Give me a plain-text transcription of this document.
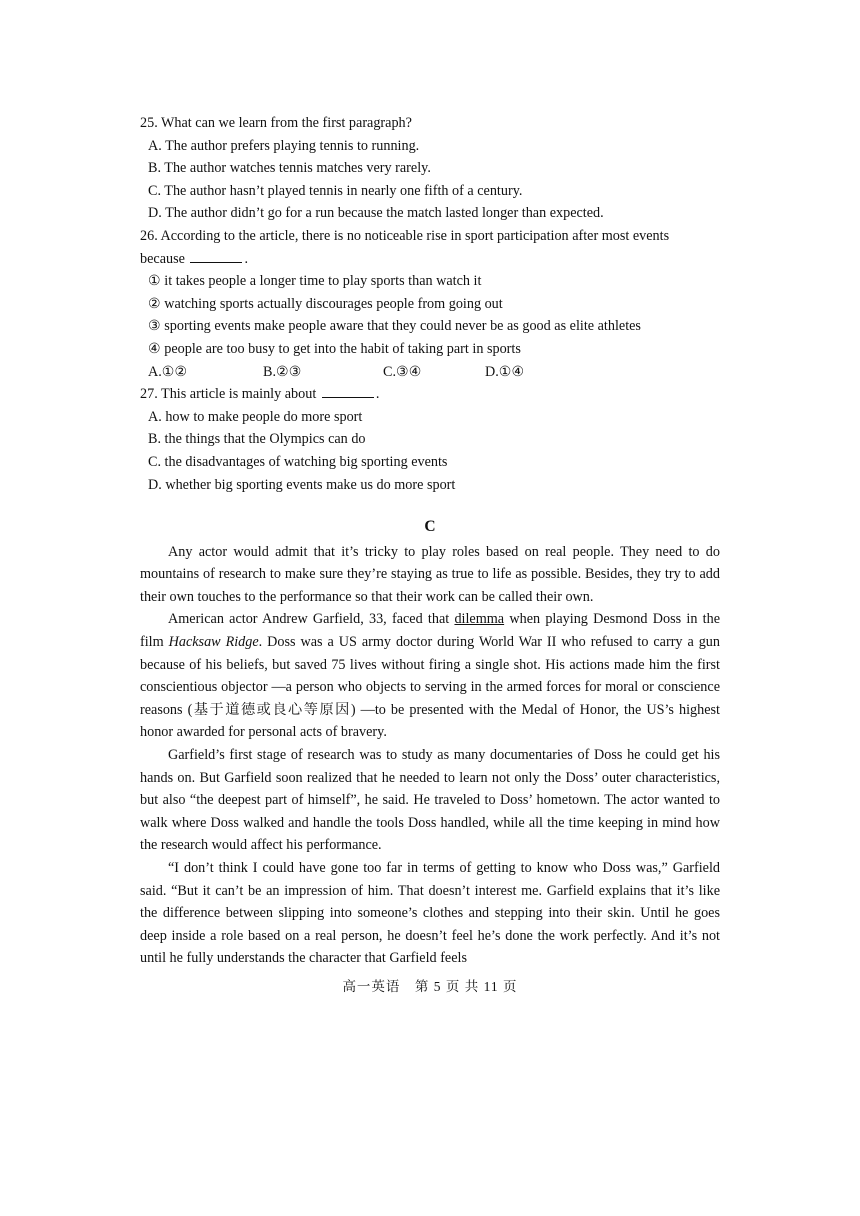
25. What can we learn from the first paragraph?

A. The author prefers playing tennis to running.

B. The author watches tennis matches very rarely.

C. The author hasn’t played tennis in nearly one fifth of a century.

D. The author didn’t go for a run because the match lasted longer than expected.

26. According to the article, there is no noticeable rise in sport participation after most events
because	.

① it takes people a longer time to play sports than watch it

② watching sports actually discourages people from going out

③ sporting events make people aware that they could never be as good as elite athletes

④ people are too busy to get into the habit of taking part in sports

A.①②	B.②③	C.③④	D.①④

27. This article is mainly about	.

A. how to make people do more sport

B. the things that the Olympics can do

C. the disadvantages of watching big sporting events

D. whether big sporting events make us do more sport

C

Any actor would admit that it’s tricky to play roles based on real people. They need to do mountains of research to make sure they’re staying as true to life as possible. Besides, they try to add their own touches to the performance so that their work can be called their own.

American actor Andrew Garfield, 33, faced that dilemma when playing Desmond Doss in the film Hacksaw Ridge. Doss was a US army doctor during World War II who refused to carry a gun because of his beliefs, but saved 75 lives without firing a single shot. His actions made him the first conscientious objector —a person who objects to serving in the armed forces for moral or conscience reasons (基于道德或良心等原因) —to be presented with the Medal of Honor, the US’s highest honor awarded for personal acts of bravery.

Garfield’s first stage of research was to study as many documentaries of Doss he could get his hands on. But Garfield soon realized that he needed to learn not only the Doss’ outer characteristics, but also “the deepest part of himself”, he said. He traveled to Doss’ hometown. The actor wanted to walk where Doss walked and handle the tools Doss handled, while all the time keeping in mind how the research would affect his performance.

“I don’t think I could have gone too far in terms of getting to know who Doss was,” Garfield said. “But it can’t be an impression of him. That doesn’t interest me. Garfield explains that it’s like the difference between slipping into someone’s clothes and stepping into their skin. Until he goes deep inside a role based on a real person, he doesn’t feel he’s done the work perfectly. And it’s not until he fully understands the character that Garfield feels

高一英语　第 5 页 共 11 页
